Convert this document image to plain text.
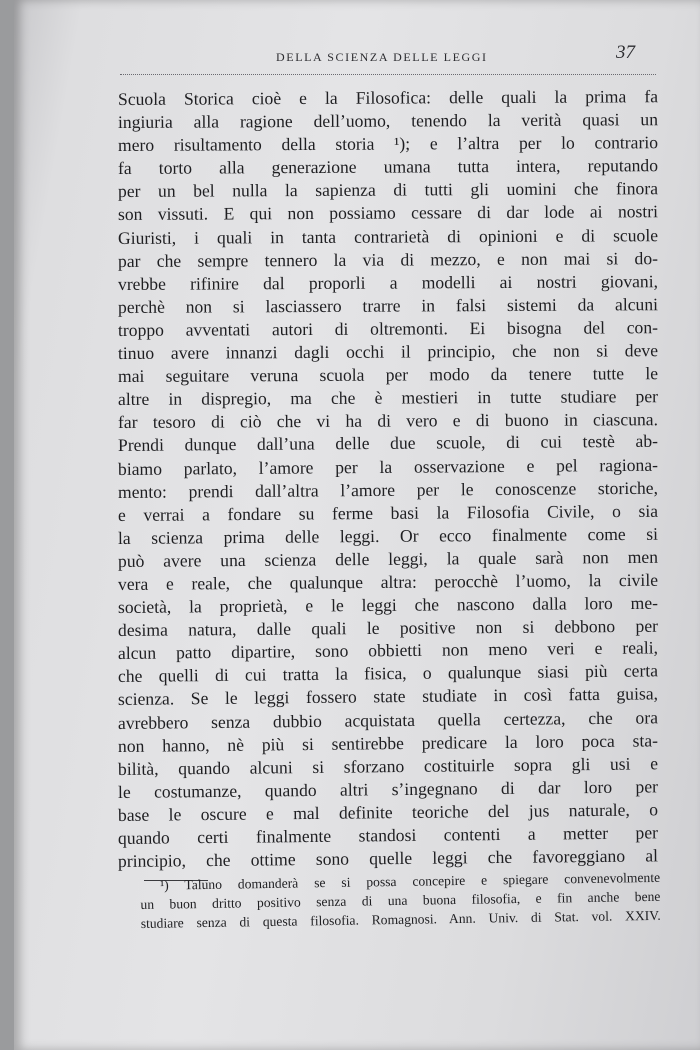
DELLA SCIENZA DELLE LEGGI	37
Scuola Storica cioè e la Filosofica: delle quali la prima fa
ingiuria alla ragione dell’uomo, tenendo la verità quasi un
mero risultamento della storia ¹); e l’altra per lo contrario
fa torto alla generazione umana tutta intera, reputando
per un bel nulla la sapienza di tutti gli uomini che finora
son vissuti. E qui non possiamo cessare di dar lode ai nostri
Giuristi, i quali in tanta contrarietà di opinioni e di scuole
par che sempre tennero la via di mezzo, e non mai si do-
vrebbe rifinire dal proporli a modelli ai nostri giovani,
perchè non si lasciassero trarre in falsi sistemi da alcuni
troppo avventati autori di oltremonti. Ei bisogna del con-
tinuo avere innanzi dagli occhi il principio, che non si deve
mai seguitare veruna scuola per modo da tenere tutte le
altre in dispregio, ma che è mestieri in tutte studiare per
far tesoro di ciò che vi ha di vero e di buono in ciascuna.
Prendi dunque dall’una delle due scuole, di cui testè ab-
biamo parlato, l’amore per la osservazione e pel ragiona-
mento: prendi dall’altra l’amore per le conoscenze storiche,
e verrai a fondare su ferme basi la Filosofia Civile, o sia
la scienza prima delle leggi. Or ecco finalmente come si
può avere una scienza delle leggi, la quale sarà non men
vera e reale, che qualunque altra: perocchè l’uomo, la civile
società, la proprietà, e le leggi che nascono dalla loro me-
desima natura, dalle quali le positive non si debbono per
alcun patto dipartire, sono obbietti non meno veri e reali,
che quelli di cui tratta la fisica, o qualunque siasi più certa
scienza. Se le leggi fossero state studiate in così fatta guisa,
avrebbero senza dubbio acquistata quella certezza, che ora
non hanno, nè più si sentirebbe predicare la loro poca sta-
bilità, quando alcuni si sforzano costituirle sopra gli usi e
le costumanze, quando altri s’ingegnano di dar loro per
base le oscure e mal definite teoriche del jus naturale, o
quando certi finalmente standosi contenti a metter per
principio, che ottime sono quelle leggi che favoreggiano al
¹) Taluno domanderà se si possa concepire e spiegare convenevolmente
un buon dritto positivo senza di una buona filosofia, e fin anche bene
studiare senza di questa filosofia. Romagnosi. Ann. Univ. di Stat. vol. XXIV.
